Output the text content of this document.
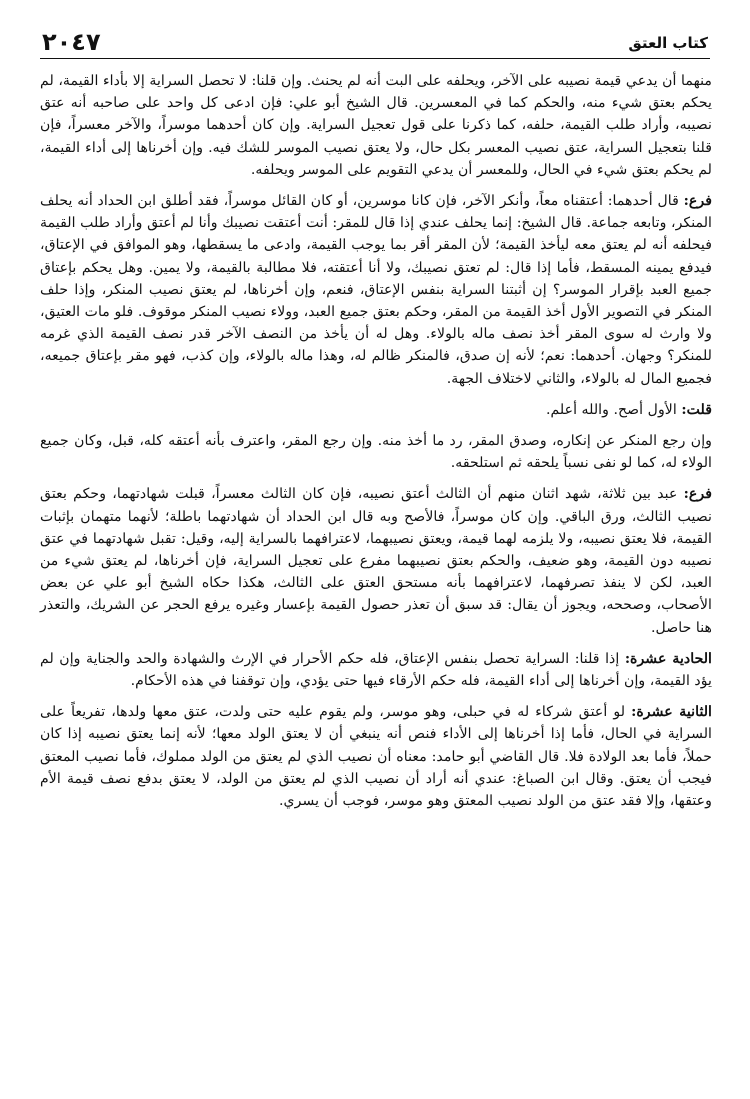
كتاب العتق
٢٠٤٧

منهما أن يدعي قيمة نصيبه على الآخر، ويحلفه على البت أنه لم يحنث. وإن قلنا: لا تحصل السراية إلا بأداء القيمة، لم يحكم بعتق شيء منه، والحكم كما في المعسرين. قال الشيخ أبو علي: فإن ادعى كل واحد على صاحبه أنه عتق نصيبه، وأراد طلب القيمة، حلفه، كما ذكرنا على قول تعجيل السراية. وإن كان أحدهما موسراً، والآخر معسراً، فإن قلنا بتعجيل السراية، عتق نصيب المعسر بكل حال، ولا يعتق نصيب الموسر للشك فيه. وإن أخرناها إلى أداء القيمة، لم يحكم بعتق شيء في الحال، وللمعسر أن يدعي التقويم على الموسر ويحلفه.

فرع: قال أحدهما: أعتقناه معاً، وأنكر الآخر، فإن كانا موسرين، أو كان القائل موسراً، فقد أطلق ابن الحداد أنه يحلف المنكر، وتابعه جماعة. قال الشيخ: إنما يحلف عندي إذا قال للمقر: أنت أعتقت نصيبك وأنا لم أعتق وأراد طلب القيمة فيحلفه أنه لم يعتق معه ليأخذ القيمة؛ لأن المقر أقر بما يوجب القيمة، وادعى ما يسقطها، وهو الموافق في الإعتاق، فيدفع يمينه المسقط، فأما إذا قال: لم تعتق نصيبك، ولا أنا أعتقته، فلا مطالبة بالقيمة، ولا يمين. وهل يحكم بإعتاق جميع العبد بإقرار الموسر؟ إن أثبتنا السراية بنفس الإعتاق، فنعم، وإن أخرناها، لم يعتق نصيب المنكر، وإذا حلف المنكر في التصوير الأول أخذ القيمة من المقر، وحكم بعتق جميع العبد، وولاء نصيب المنكر موقوف. فلو مات العتيق، ولا وارث له سوى المقر أخذ نصف ماله بالولاء. وهل له أن يأخذ من النصف الآخر قدر نصف القيمة الذي غرمه للمنكر؟ وجهان. أحدهما: نعم؛ لأنه إن صدق، فالمنكر ظالم له، وهذا ماله بالولاء، وإن كذب، فهو مقر بإعتاق جميعه، فجميع المال له بالولاء، والثاني لاختلاف الجهة.

قلت: الأول أصح. والله أعلم.

وإن رجع المنكر عن إنكاره، وصدق المقر، رد ما أخذ منه. وإن رجع المقر، واعترف بأنه أعتقه كله، قبل، وكان جميع الولاء له، كما لو نفى نسباً يلحقه ثم استلحقه.

فرع: عبد بين ثلاثة، شهد اثنان منهم أن الثالث أعتق نصيبه، فإن كان الثالث معسراً، قبلت شهادتهما، وحكم بعتق نصيب الثالث، ورق الباقي. وإن كان موسراً، فالأصح وبه قال ابن الحداد أن شهادتهما باطلة؛ لأنهما متهمان بإثبات القيمة، فلا يعتق نصيبه، ولا يلزمه لهما قيمة، ويعتق نصيبهما، لاعترافهما بالسراية إليه، وقيل: تقبل شهادتهما في عتق نصيبه دون القيمة، وهو ضعيف، والحكم بعتق نصيبهما مفرع على تعجيل السراية، فإن أخرناها، لم يعتق شيء من العبد، لكن لا ينفذ تصرفهما، لاعترافهما بأنه مستحق العتق على الثالث، هكذا حكاه الشيخ أبو علي عن بعض الأصحاب، وصححه، ويجوز أن يقال: قد سبق أن تعذر حصول القيمة بإعسار وغيره يرفع الحجر عن الشريك، والتعذر هنا حاصل.

الحادية عشرة: إذا قلنا: السراية تحصل بنفس الإعتاق، فله حكم الأحرار في الإرث والشهادة والحد والجناية وإن لم يؤد القيمة، وإن أخرناها إلى أداء القيمة، فله حكم الأرقاء فيها حتى يؤدي، وإن توقفنا في هذه الأحكام.

الثانية عشرة: لو أعتق شركاء له في حبلى، وهو موسر، ولم يقوم عليه حتى ولدت، عتق معها ولدها، تفريعاً على السراية في الحال، فأما إذا أخرناها إلى الأداء فنص أنه ينبغي أن لا يعتق الولد معها؛ لأنه إنما يعتق نصيبه إذا كان حملاً، فأما بعد الولادة فلا. قال القاضي أبو حامد: معناه أن نصيب الذي لم يعتق من الولد مملوك، فأما نصيب المعتق فيجب أن يعتق. وقال ابن الصباغ: عندي أنه أراد أن نصيب الذي لم يعتق من الولد، لا يعتق بدفع نصف قيمة الأم وعتقها، وإلا فقد عتق من الولد نصيب المعتق وهو موسر، فوجب أن يسري.
